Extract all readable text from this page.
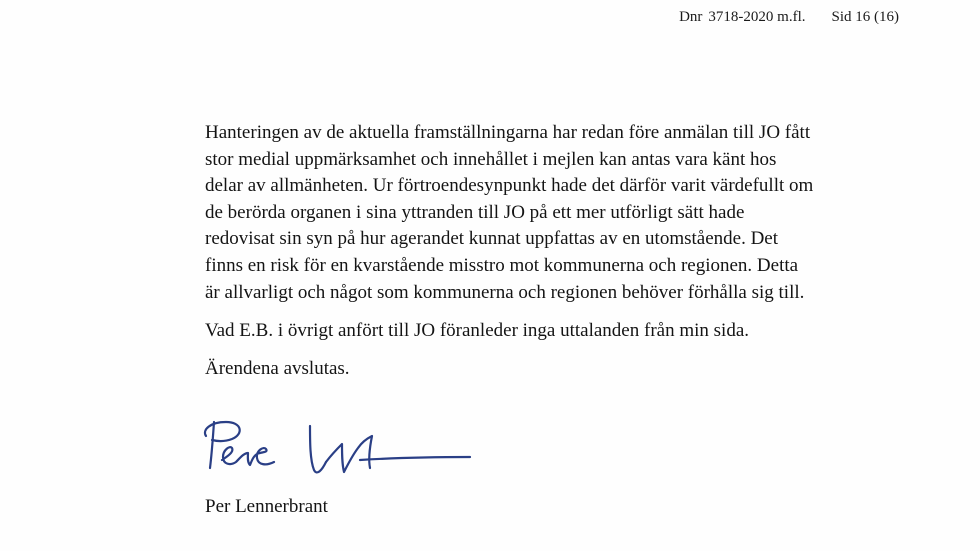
Dnr 3718-2020 m.fl. Sid 16 (16)

Hanteringen av de aktuella framställningarna har redan före anmälan till JO fått
stor medial uppmärksamhet och innehållet i mejlen kan antas vara känt hos
delar av allmänheten. Ur förtroendesynpunkt hade det därför varit värdefullt om
de berörda organen i sina yttranden till JO på ett mer utförligt sätt hade
redovisat sin syn på hur agerandet kunnat uppfattas av en utomstående. Det
finns en risk för en kvarstående misstro mot kommunerna och regionen. Detta
är allvarligt och något som kommunerna och regionen behöver förhålla sig till.

Vad E.B. i övrigt anfört till JO föranleder inga uttalanden från min sida.

Ärendena avslutas.

Per Lennerbrant
